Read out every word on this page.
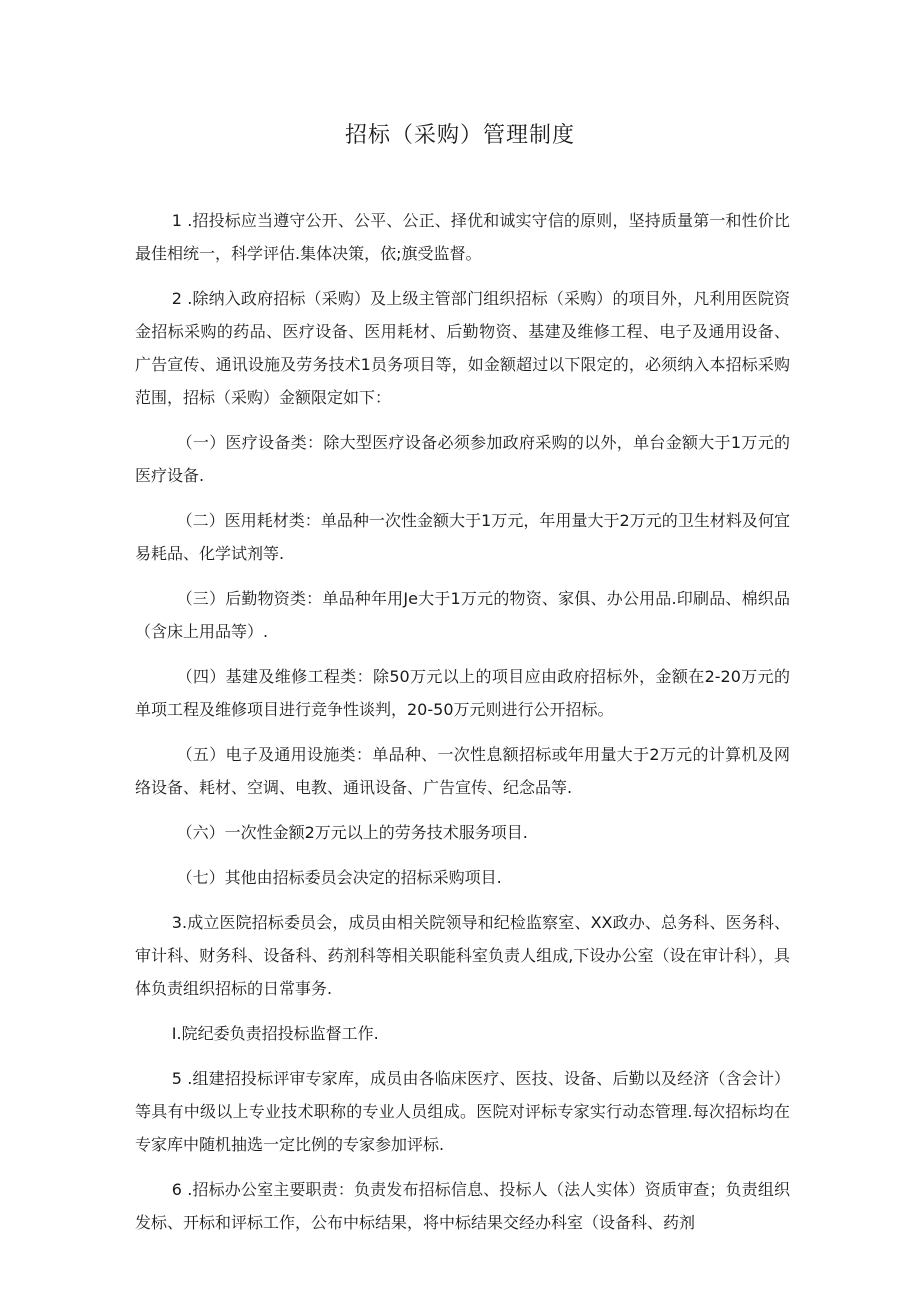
招标（采购）管理制度

1 .招投标应当遵守公开、公平、公正、择优和诚实守信的原则，坚持质量第一和性价比最佳相统一，科学评估.集体决策，依;旗受监督。

2 .除纳入政府招标（采购）及上级主管部门组织招标（采购）的项目外，凡利用医院资金招标采购的药品、医疗设备、医用耗材、后勤物资、基建及维修工程、电子及通用设备、广告宣传、通讯设施及劳务技术1员务项目等，如金额超过以下限定的，必须纳入本招标采购范围，招标（采购）金额限定如下：

（一）医疗设备类：除大型医疗设备必须参加政府采购的以外，单台金额大于1万元的医疗设备.

（二）医用耗材类：单品种一次性金额大于1万元，年用量大于2万元的卫生材料及何宜易耗品、化学试剂等.

（三）后勤物资类：单品种年用Je大于1万元的物资、家俱、办公用品.印刷品、棉织品（含床上用品等）.

（四）基建及维修工程类：除50万元以上的项目应由政府招标外，金额在2-20万元的单项工程及维修项目进行竞争性谈判，20-50万元则进行公开招标。

（五）电子及通用设施类：单品种、一次性息额招标或年用量大于2万元的计算机及网络设备、耗材、空调、电教、通讯设备、广告宣传、纪念品等.

（六）一次性金额2万元以上的劳务技术服务项目.

（七）其他由招标委员会决定的招标采购项目.

3.成立医院招标委员会，成员由相关院领导和纪检监察室、XX政办、总务科、医务科、审计科、财务科、设备科、药剂科等相关职能科室负责人组成,下设办公室（设在审计科），具体负责组织招标的日常事务.

I.院纪委负责招投标监督工作.

5 .组建招投标评审专家库，成员由各临床医疗、医技、设备、后勤以及经济（含会计）等具有中级以上专业技术职称的专业人员组成。医院对评标专家实行动态管理.每次招标均在专家库中随机抽选一定比例的专家参加评标.

6 .招标办公室主要职责：负责发布招标信息、投标人（法人实体）资质审查；负责组织发标、开标和评标工作，公布中标结果，将中标结果交经办科室（设备科、药剂
